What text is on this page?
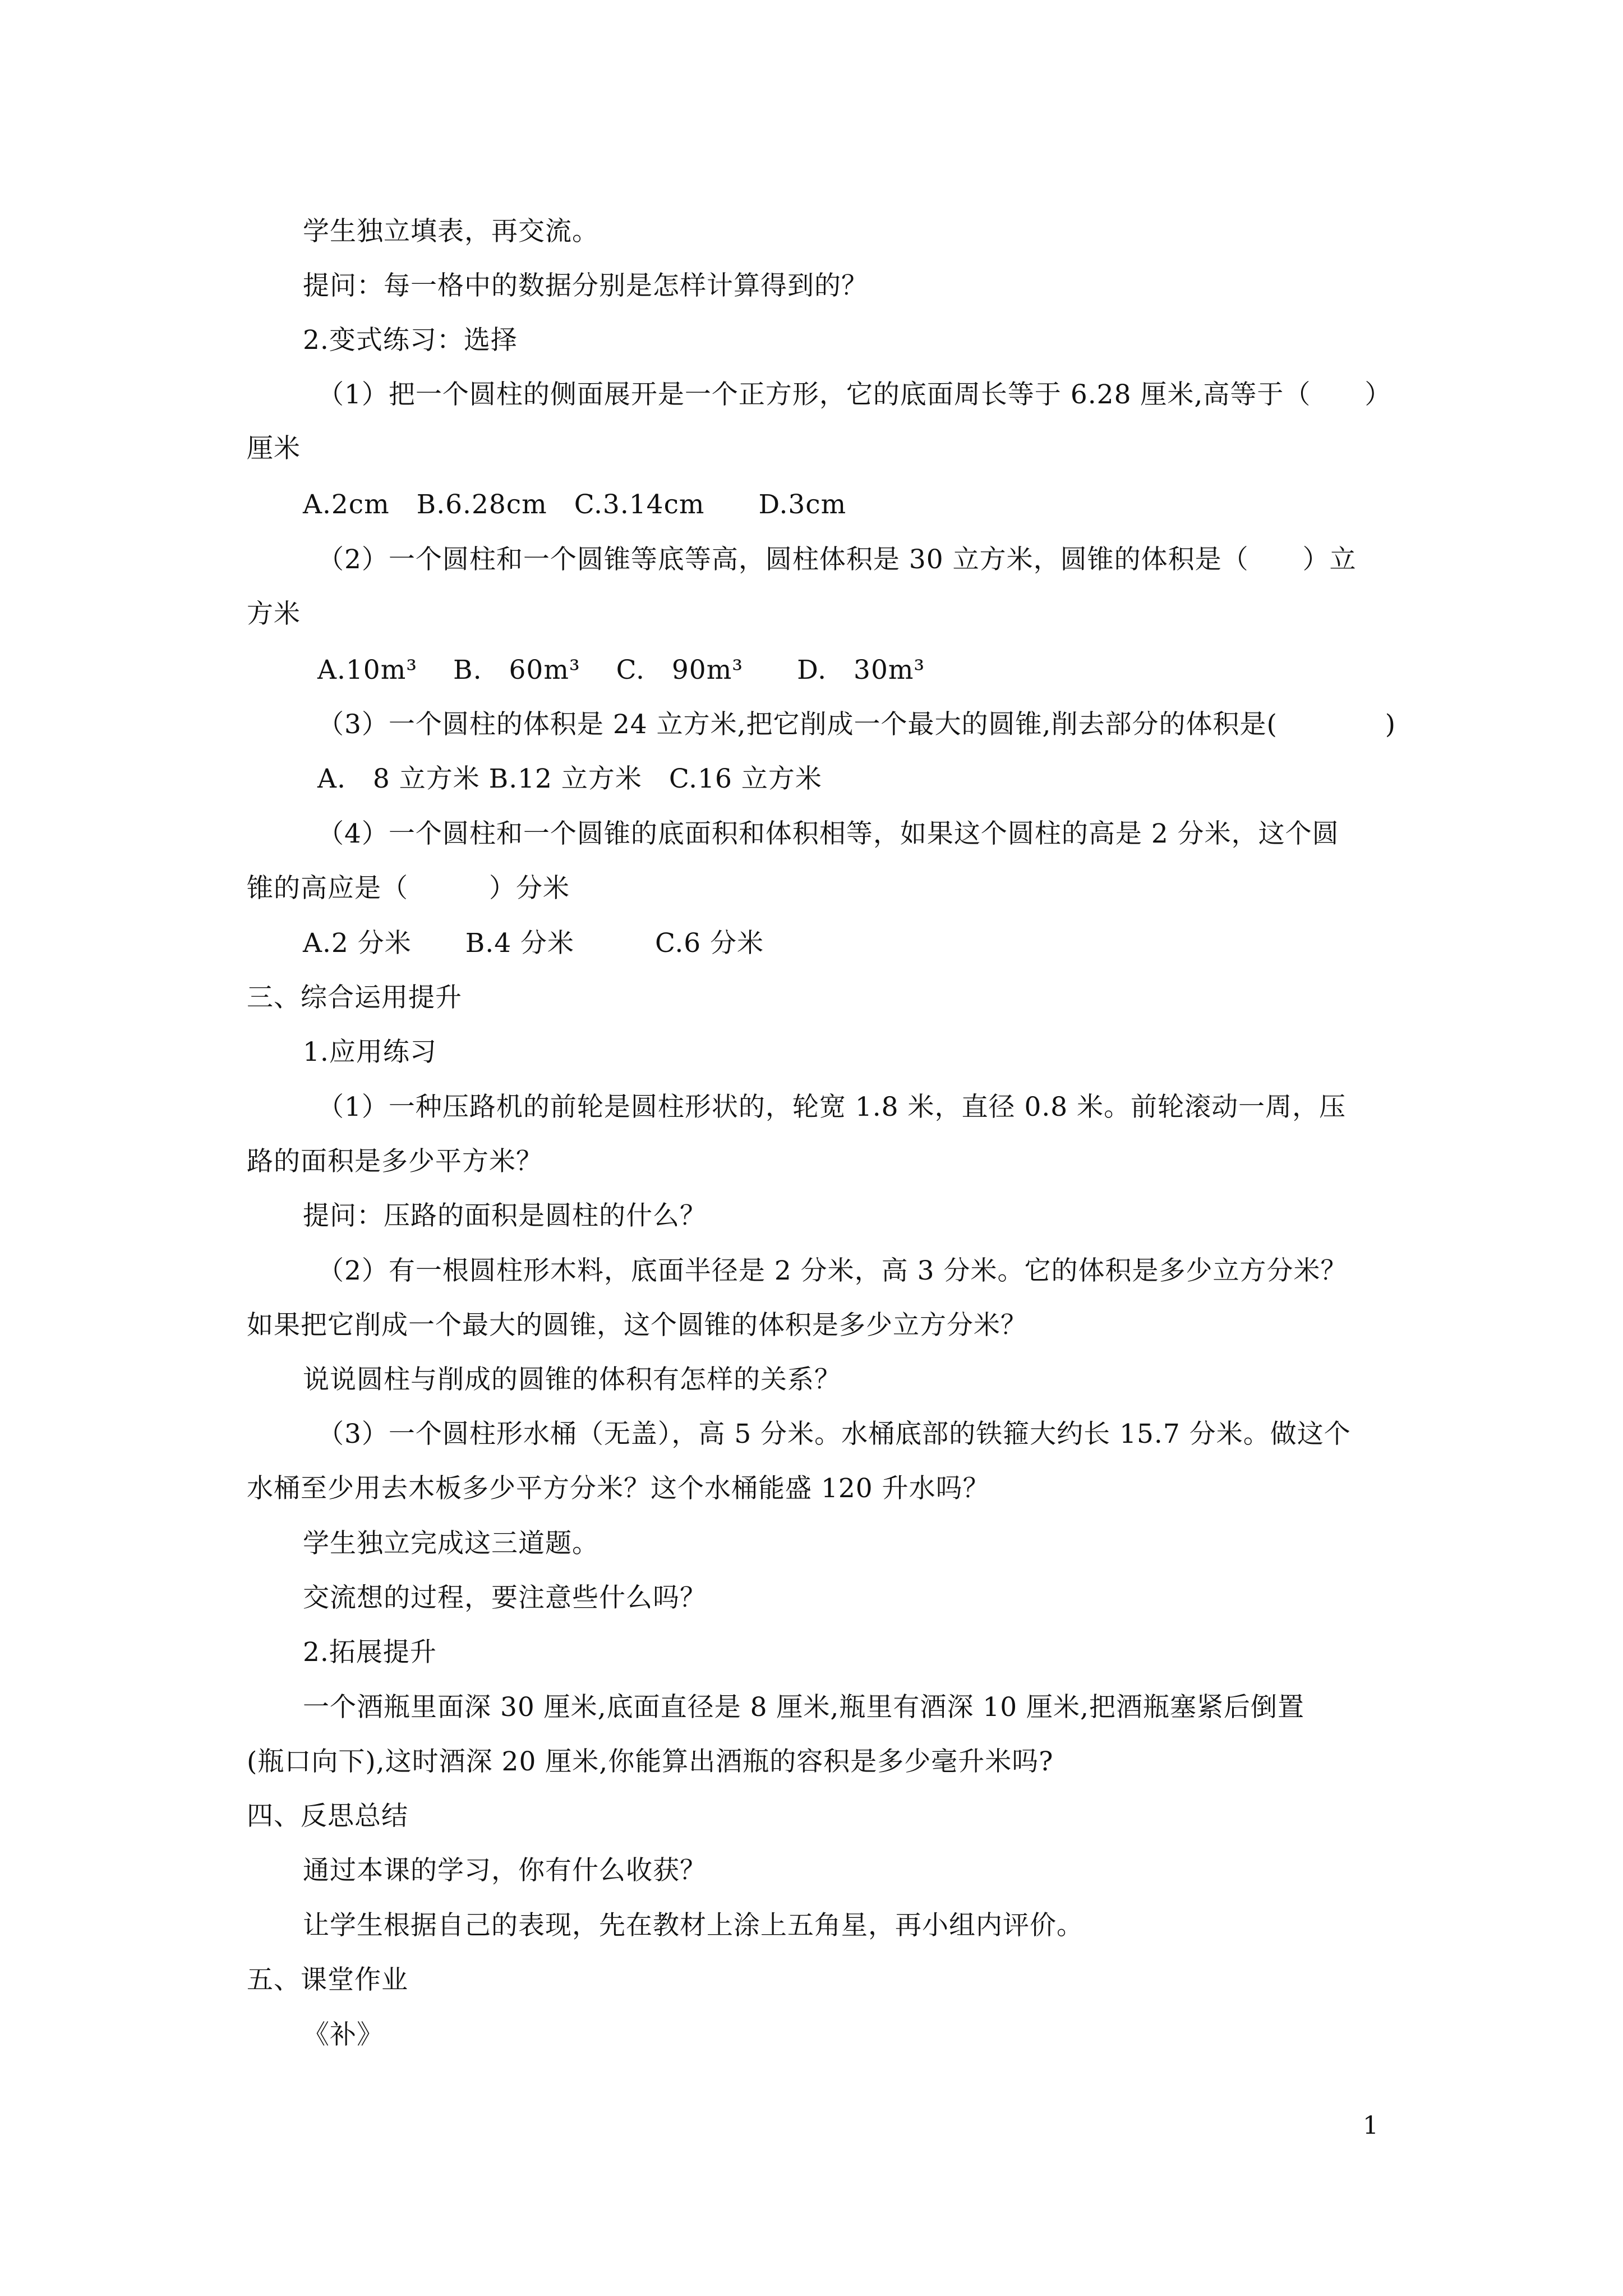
学生独立填表，再交流。
提问：每一格中的数据分别是怎样计算得到的？
2.变式练习：选择
（1）把一个圆柱的侧面展开是一个正方形，它的底面周长等于 6.28 厘米,高等于（　　）
厘米
A.2cm　B.6.28cm　C.3.14cm　　D.3cm
（2）一个圆柱和一个圆锥等底等高，圆柱体积是 30 立方米，圆锥的体积是（　　）立
方米
A.10m³　 B.　60m³　 C.　90m³　　D.　30m³
（3）一个圆柱的体积是 24 立方米,把它削成一个最大的圆锥,削去部分的体积是(　　　　)
A.　8 立方米 B.12 立方米　C.16 立方米
（4）一个圆柱和一个圆锥的底面积和体积相等，如果这个圆柱的高是 2 分米，这个圆
锥的高应是（　　　）分米
A.2 分米　　B.4 分米　　　C.6 分米
三、综合运用提升
1.应用练习
（1）一种压路机的前轮是圆柱形状的，轮宽 1.8 米，直径 0.8 米。前轮滚动一周，压
路的面积是多少平方米？
提问：压路的面积是圆柱的什么？
（2）有一根圆柱形木料，底面半径是 2 分米，高 3 分米。它的体积是多少立方分米？
如果把它削成一个最大的圆锥，这个圆锥的体积是多少立方分米？
说说圆柱与削成的圆锥的体积有怎样的关系？
（3）一个圆柱形水桶（无盖），高 5 分米。水桶底部的铁箍大约长 15.7 分米。做这个
水桶至少用去木板多少平方分米？这个水桶能盛 120 升水吗？
学生独立完成这三道题。
交流想的过程，要注意些什么吗？
2.拓展提升
一个酒瓶里面深 30 厘米,底面直径是 8 厘米,瓶里有酒深 10 厘米,把酒瓶塞紧后倒置
(瓶口向下),这时酒深 20 厘米,你能算出酒瓶的容积是多少毫升米吗?
四、反思总结
通过本课的学习，你有什么收获？
让学生根据自己的表现，先在教材上涂上五角星，再小组内评价。
五、课堂作业
《补》
1
